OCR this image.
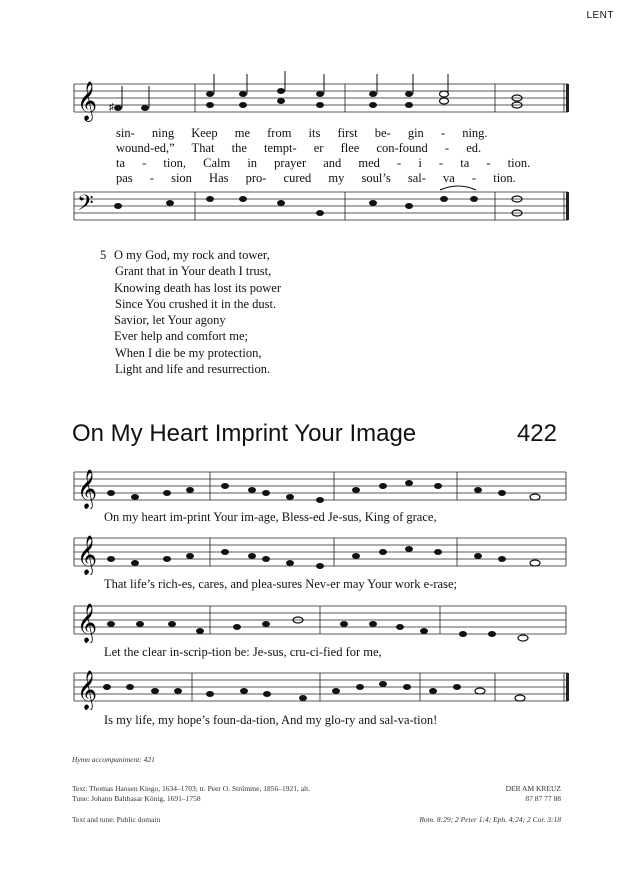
LENT
𝄞 ♯
sin- ning Keep me from its first be- gin - ning.
wound-ed,” That the tempt- er flee con-found - ed.
ta - tion, Calm in prayer and med - i - ta - tion.
pas - sion Has pro- cured my soul’s sal- va - tion.
𝄢
5 O my God, my rock and tower,
Grant that in Your death I trust,
Knowing death has lost its power
Since You crushed it in the dust.
Savior, let Your agony
Ever help and comfort me;
When I die be my protection,
Light and life and resurrection.
On My Heart Imprint Your Image	422
𝄞
On my heart im-print Your im-age, Bless-ed Je-sus, King of grace,
𝄞
That life’s rich-es, cares, and plea-sures Nev-er may Your work e-rase;
𝄞
Let the clear in-scrip-tion be: Je-sus, cru-ci-fied for me,
𝄞
Is my life, my hope’s foun-da-tion, And my glo-ry and sal-va-tion!
Hymn accompaniment: 421
Text: Thomas Hansen Kingo, 1634–1703; tr. Peer O. Strömme, 1856–1921, alt.
Tune: Johann Balthasar König, 1691–1758
DER AM KREUZ
87 87 77 88
Text and tune: Public domain	Rom. 8:29; 2 Peter 1:4; Eph. 4:24; 2 Cor. 3:18
